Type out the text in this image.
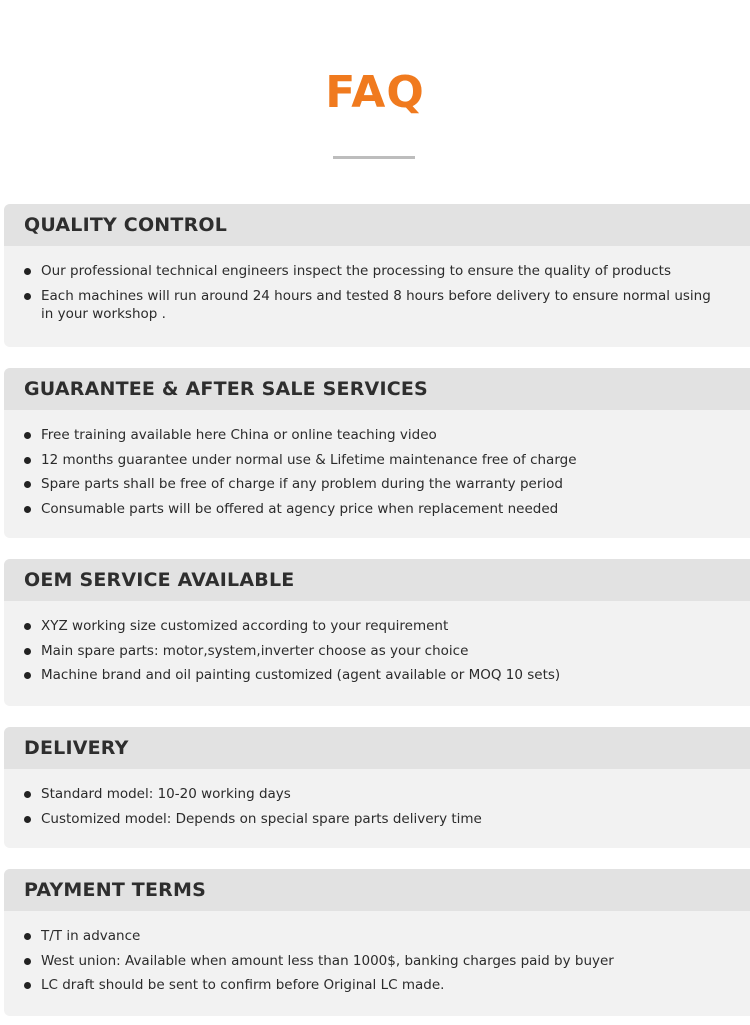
FAQ
QUALITY CONTROL
Our professional technical engineers inspect the processing to ensure the quality of products
Each machines will run around 24 hours and tested 8 hours before delivery to ensure normal using in your workshop .
GUARANTEE & AFTER SALE SERVICES
Free training available here China or online teaching video
12 months guarantee under normal use & Lifetime maintenance free of charge
Spare parts shall be free of charge if any problem during the warranty period
Consumable parts will be offered at agency price when replacement needed
OEM SERVICE AVAILABLE
XYZ working size customized according to your requirement
Main spare parts: motor,system,inverter choose as your choice
Machine brand and oil painting customized (agent available or MOQ 10 sets)
DELIVERY
Standard model: 10-20 working days
Customized model: Depends on special spare parts delivery time
PAYMENT TERMS
T/T in advance
West union: Available when amount less than 1000$, banking charges paid by buyer
LC draft should be sent to confirm before Original LC made.
